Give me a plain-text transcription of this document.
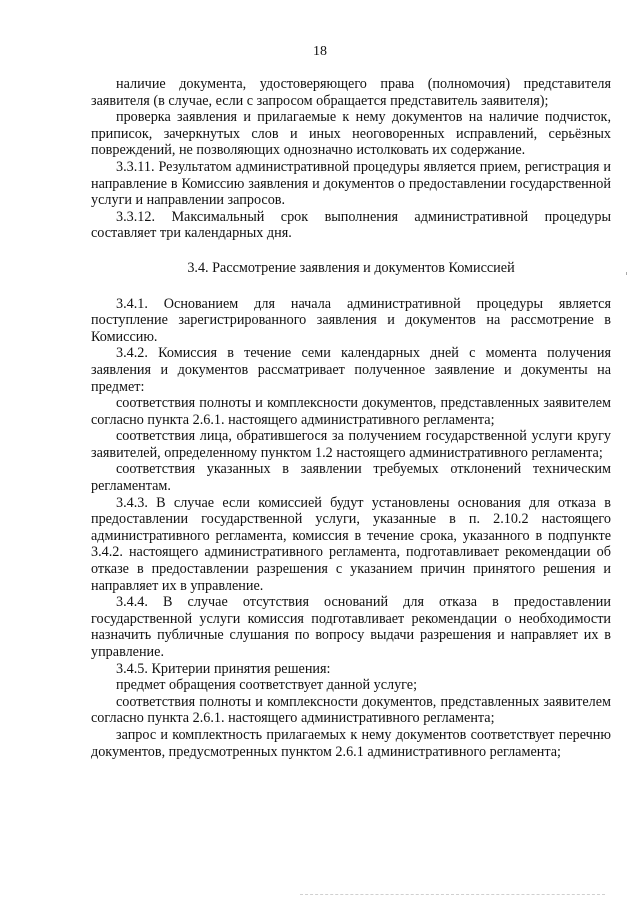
18

наличие документа, удостоверяющего права (полномочия) представителя заявителя (в случае, если с запросом обращается представитель заявителя);

проверка заявления и прилагаемые к нему документов на наличие подчисток, приписок, зачеркнутых слов и иных неоговоренных исправлений, серьёзных повреждений, не позволяющих однозначно истолковать их содержание.

3.3.11. Результатом административной процедуры является прием, регистрация и направление в Комиссию заявления и документов о предоставлении государственной услуги и направлении запросов.

3.3.12. Максимальный срок выполнения административной процедуры составляет три календарных дня.

3.4. Рассмотрение заявления и документов Комиссией

3.4.1. Основанием для начала административной процедуры является поступление зарегистрированного заявления и документов на рассмотрение в Комиссию.

3.4.2. Комиссия в течение семи календарных дней с момента получения заявления и документов рассматривает полученное заявление и документы на предмет:

соответствия полноты и комплексности документов, представленных заявителем согласно пункта 2.6.1. настоящего административного регламента;

соответствия лица, обратившегося за получением государственной услуги кругу заявителей, определенному пунктом 1.2 настоящего административного регламента;

соответствия указанных в заявлении требуемых отклонений техническим регламентам.

3.4.3. В случае если комиссией будут установлены основания для отказа в предоставлении государственной услуги, указанные в п. 2.10.2 настоящего административного регламента, комиссия в течение срока, указанного в подпункте 3.4.2. настоящего административного регламента, подготавливает рекомендации об отказе в предоставлении разрешения с указанием причин принятого решения и направляет их в управление.

3.4.4. В случае отсутствия оснований для отказа в предоставлении государственной услуги комиссия подготавливает рекомендации о необходимости назначить публичные слушания по вопросу выдачи разрешения и направляет их в управление.

3.4.5. Критерии принятия решения:

предмет обращения соответствует данной услуге;

соответствия полноты и комплексности документов, представленных заявителем согласно пункта 2.6.1. настоящего административного регламента;

запрос и комплектность прилагаемых к нему документов соответствует перечню документов, предусмотренных пунктом 2.6.1 административного регламента;
